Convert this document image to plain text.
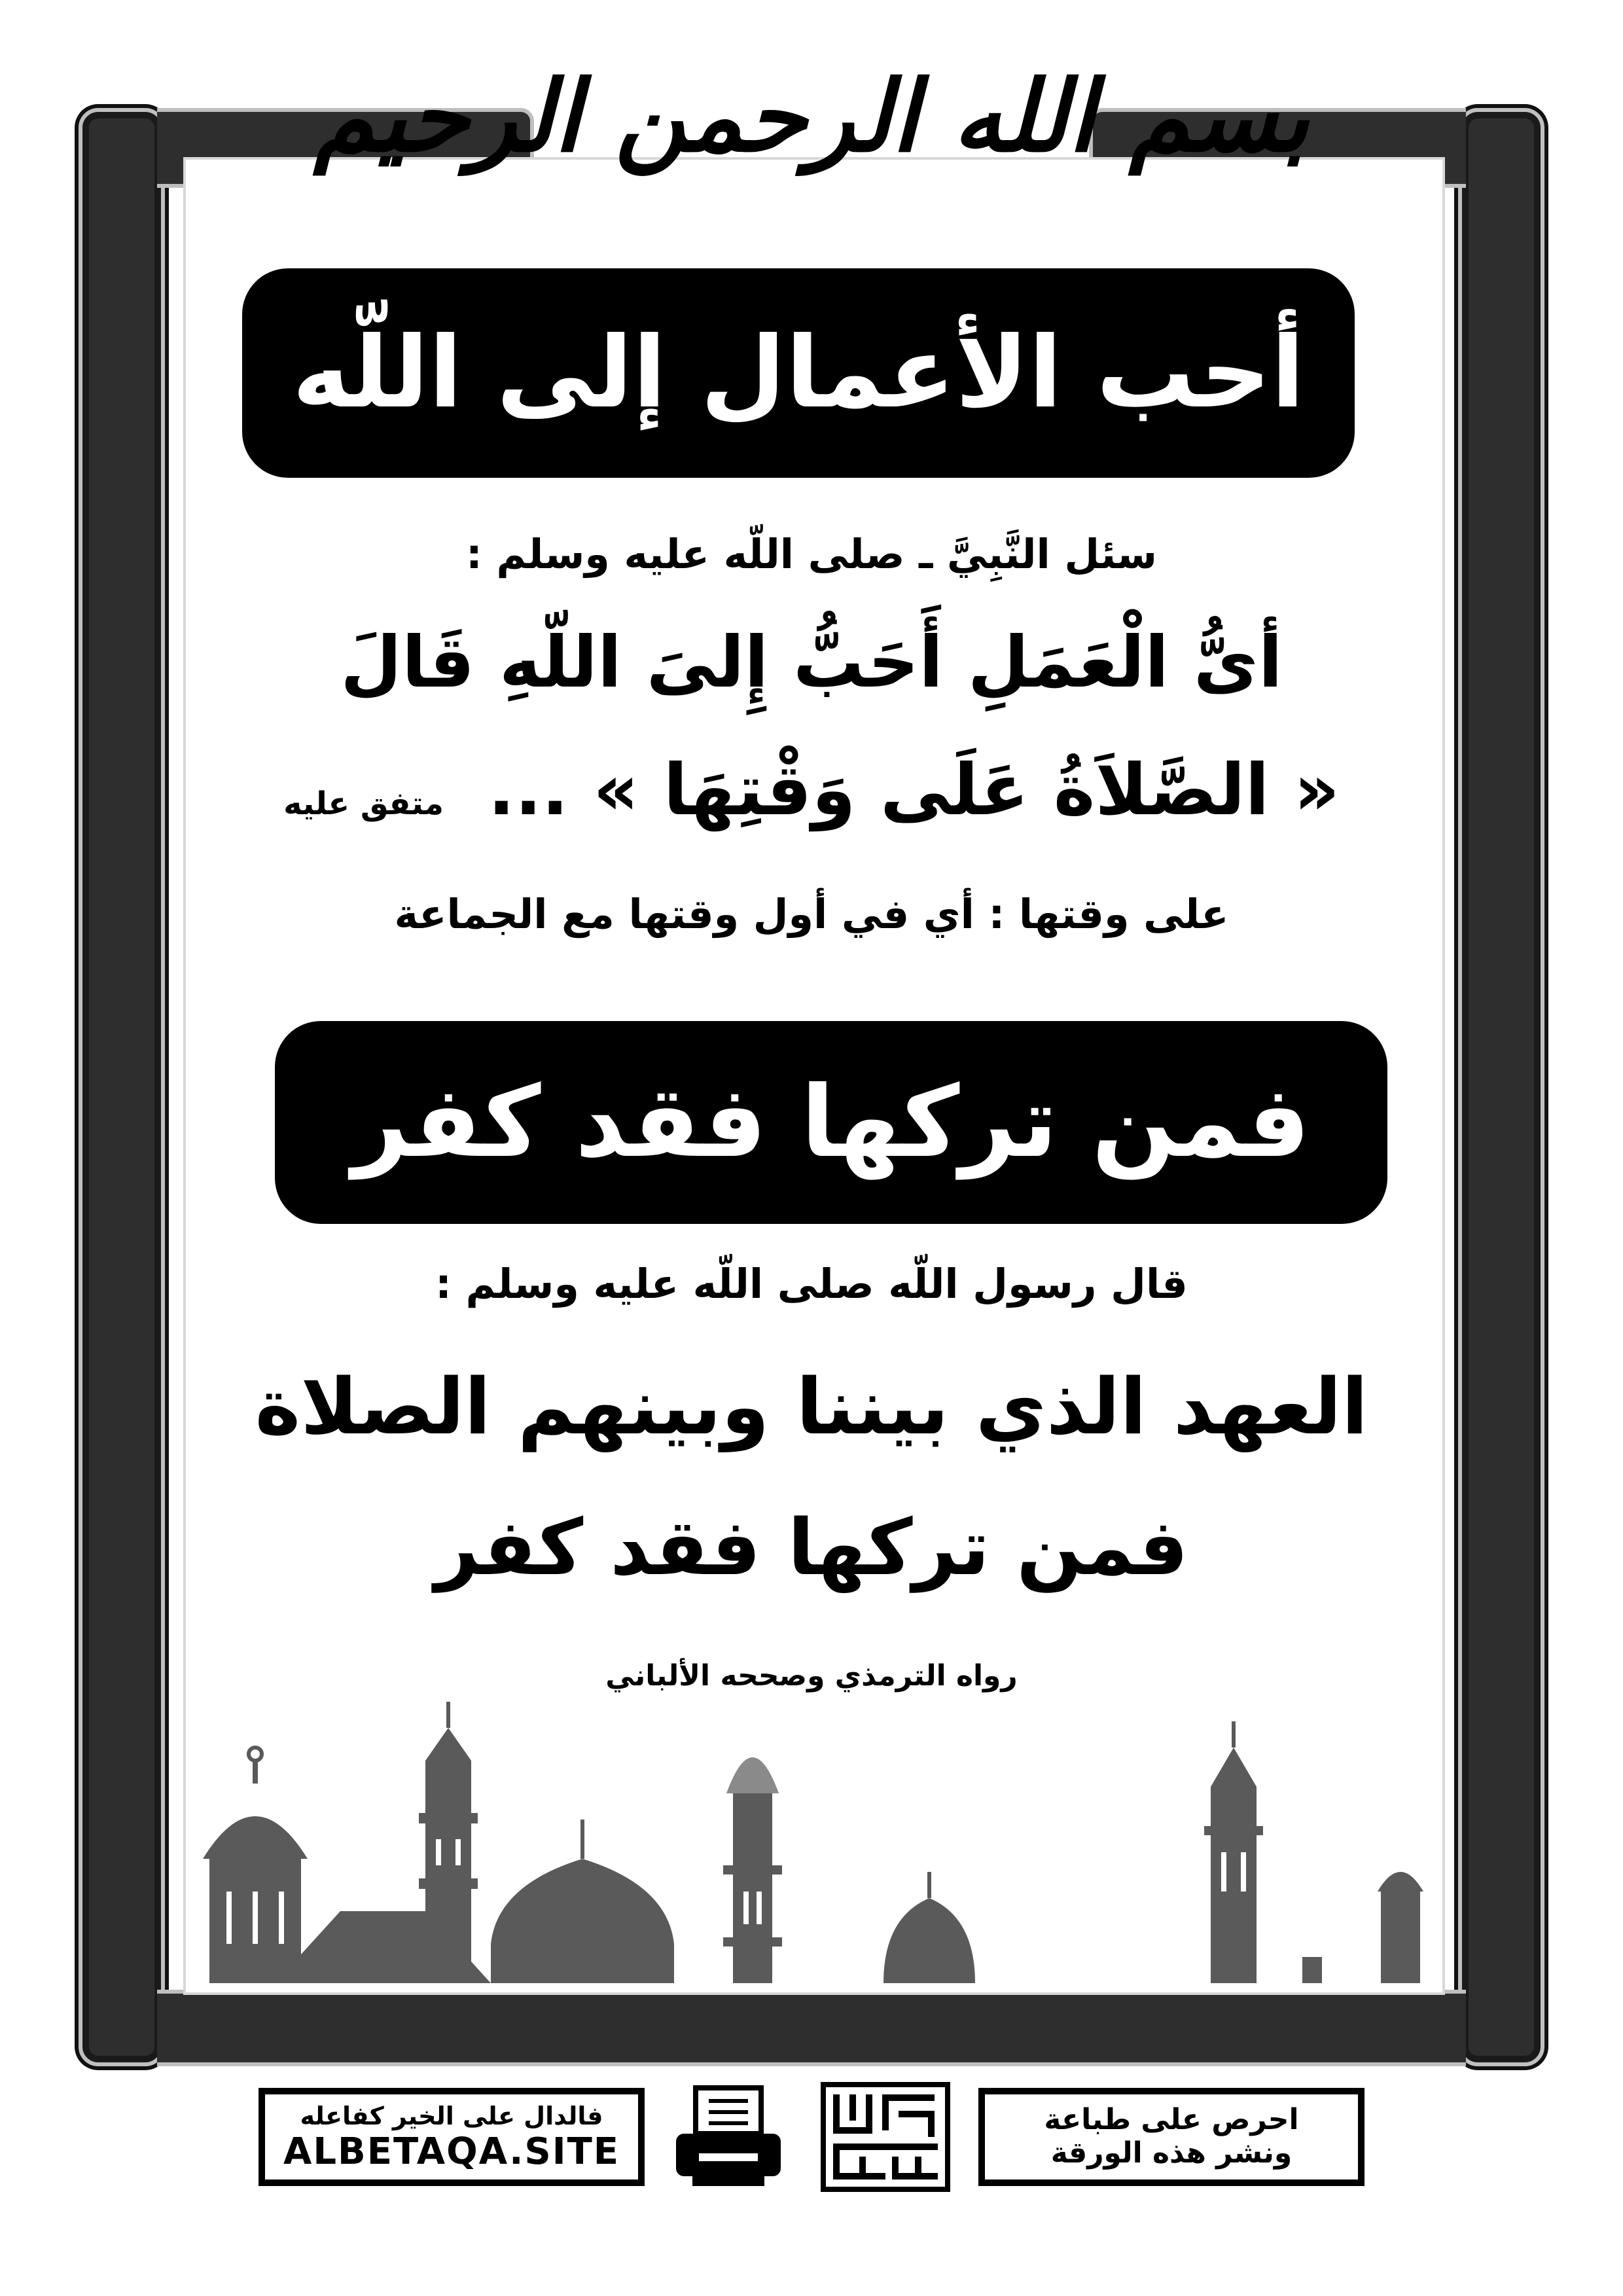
بسم الله الرحمن الرحيم
أحب الأعمال إلى اللّه
سئل النَّبِيَّ ـ صلى اللّه عليه وسلم :
أىُّ الْعَمَلِ أَحَبُّ إِلىَ اللّهِ قَالَ
« الصَّلاَةُ عَلَى وَقْتِهَا » ... متفق عليه
على وقتها : أي في أول وقتها مع الجماعة
فمن تركها فقد كفر
قال رسول اللّه صلى اللّه عليه وسلم :
العهد الذي بيننا وبينهم الصلاة
فمن تركها فقد كفر
رواه الترمذي وصححه الألباني
فالدال على الخير كفاعله
ALBETAQA.SITE
احرص على طباعة
ونشر هذه الورقة
